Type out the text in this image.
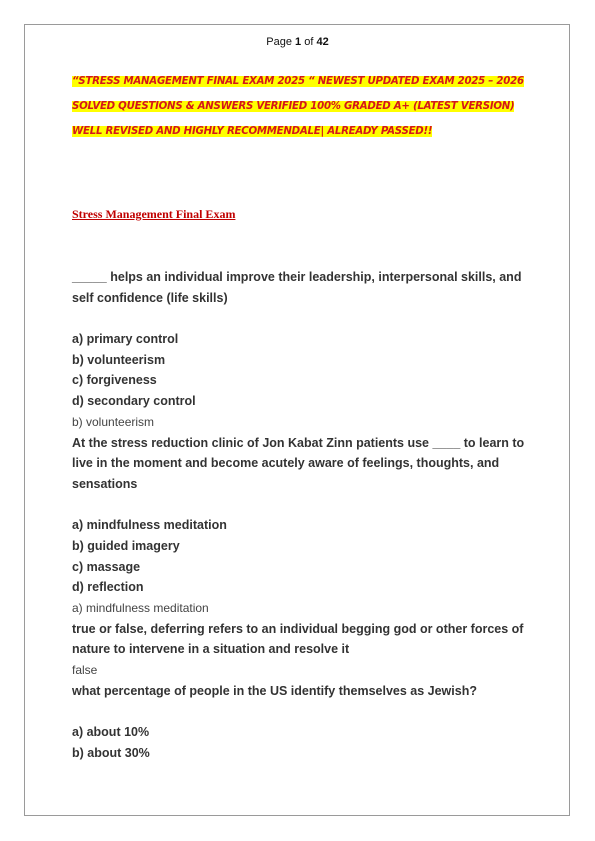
Page 1 of 42
“STRESS MANAGEMENT FINAL EXAM 2025 “ NEWEST UPDATED EXAM 2025 – 2026
SOLVED QUESTIONS & ANSWERS VERIFIED 100% GRADED A+ (LATEST VERSION)
WELL REVISED AND HIGHLY RECOMMENDALE| ALREADY PASSED!!
Stress Management Final Exam
_____ helps an individual improve their leadership, interpersonal skills, and
self confidence (life skills)
a) primary control
b) volunteerism
c) forgiveness
d) secondary control
b) volunteerism
At the stress reduction clinic of Jon Kabat Zinn patients use ____ to learn to
live in the moment and become acutely aware of feelings, thoughts, and
sensations
a) mindfulness meditation
b) guided imagery
c) massage
d) reflection
a) mindfulness meditation
true or false, deferring refers to an individual begging god or other forces of
nature to intervene in a situation and resolve it
false
what percentage of people in the US identify themselves as Jewish?
a) about 10%
b) about 30%
